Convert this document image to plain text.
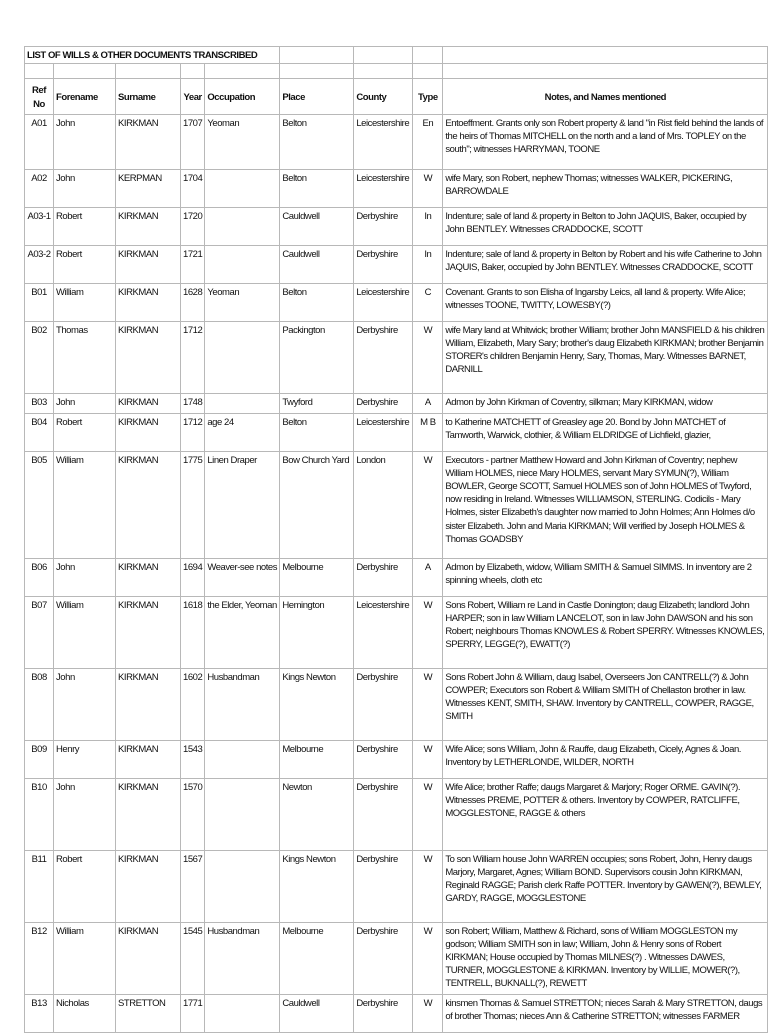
LIST OF WILLS & OTHER DOCUMENTS TRANSCRIBED								

Ref No	Forename	Surname	Year	Occupation	Place	County	Type	Notes, and Names mentioned
A01	John	KIRKMAN	1707	Yeoman	Belton	Leicestershire	En	Entoeffment. Grants only son Robert property & land "in Rist field behind the lands of the heirs of Thomas MITCHELL on the north and a land of Mrs. TOPLEY on the south"; witnesses HARRYMAN, TOONE
A02	John	KERPMAN	1704		Belton	Leicestershire	W	wife Mary, son Robert, nephew Thomas; witnesses WALKER, PICKERING, BARROWDALE
A03-1	Robert	KIRKMAN	1720		Cauldwell	Derbyshire	In	Indenture; sale of land & property in Belton to John JAQUIS, Baker, occupied by John BENTLEY. Witnesses CRADDOCKE, SCOTT
A03-2	Robert	KIRKMAN	1721		Cauldwell	Derbyshire	In	Indenture; sale of land & property in Belton by Robert and his wife Catherine to John JAQUIS, Baker, occupied by John BENTLEY. Witnesses CRADDOCKE, SCOTT
B01	William	KIRKMAN	1628	Yeoman	Belton	Leicestershire	C	Covenant. Grants to son Elisha of Ingarsby Leics, all land & property. Wife Alice; witnesses TOONE, TWITTY, LOWESBY(?)
B02	Thomas	KIRKMAN	1712		Packington	Derbyshire	W	wife Mary land at Whitwick; brother William; brother John MANSFIELD & his children William, Elizabeth, Mary Sary; brother's daug Elizabeth KIRKMAN; brother Benjamin STORER's children Benjamin Henry, Sary, Thomas, Mary. Witnesses BARNET, DARNILL
B03	John	KIRKMAN	1748		Twyford	Derbyshire	A	Admon by John Kirkman of Coventry, silkman; Mary KIRKMAN, widow
B04	Robert	KIRKMAN	1712	age 24	Belton	Leicestershire	M B	to Katherine MATCHETT of Greasley age 20. Bond by John MATCHET of Tamworth, Warwick, clothier, & William ELDRIDGE of Lichfield, glazier,
B05	William	KIRKMAN	1775	Linen Draper	Bow Church Yard	London	W	Executors - partner Matthew Howard and John Kirkman of Coventry; nephew William HOLMES, niece Mary HOLMES, servant Mary SYMUN(?), William BOWLER, George SCOTT, Samuel HOLMES son of John HOLMES of Twyford, now residing in Ireland. Witnesses WILLIAMSON, STERLING. Codicils - Mary Holmes, sister Elizabeth's daughter now married to John Holmes; Ann Holmes d/o sister Elizabeth. John and Maria KIRKMAN; Will verified by Joseph HOLMES & Thomas GOADSBY
B06	John	KIRKMAN	1694	Weaver-see notes	Melbourne	Derbyshire	A	Admon by Elizabeth, widow, William SMITH & Samuel SIMMS. In inventory are 2 spinning wheels, cloth etc
B07	William	KIRKMAN	1618	the Elder, Yeoman	Hemington	Leicestershire	W	Sons Robert, William re Land in Castle Donington; daug Elizabeth; landlord John HARPER; son in law William LANCELOT, son in law John DAWSON and his son Robert; neighbours Thomas KNOWLES & Robert SPERRY. Witnesses KNOWLES, SPERRY, LEGGE(?), EWATT(?)
B08	John	KIRKMAN	1602	Husbandman	Kings Newton	Derbyshire	W	Sons Robert John & William, daug Isabel, Overseers Jon CANTRELL(?) & John COWPER; Executors son Robert & William SMITH of Chellaston brother in law. Witnesses KENT, SMITH, SHAW. Inventory by CANTRELL, COWPER, RAGGE, SMITH
B09	Henry	KIRKMAN	1543		Melbourne	Derbyshire	W	Wife Alice; sons William, John & Rauffe, daug Elizabeth, Cicely, Agnes & Joan. Inventory by LETHERLONDE, WILDER, NORTH
B10	John	KIRKMAN	1570		Newton	Derbyshire	W	Wife Alice; brother Raffe; daugs Margaret & Marjory; Roger ORME. GAVIN(?). Witnesses PREME, POTTER & others. Inventory by COWPER, RATCLIFFE, MOGGLESTONE, RAGGE & others
B11	Robert	KIRKMAN	1567		Kings Newton	Derbyshire	W	To son William house John WARREN occupies; sons Robert, John, Henry daugs Marjory, Margaret, Agnes; William BOND. Supervisors cousin John KIRKMAN, Reginald RAGGE; Parish clerk Raffe POTTER. Inventory by GAWEN(?), BEWLEY, GARDY, RAGGE, MOGGLESTONE
B12	William	KIRKMAN	1545	Husbandman	Melbourne	Derbyshire	W	son Robert; William, Matthew & Richard, sons of William MOGGLESTON my godson; William SMITH son in law; William, John & Henry sons of Robert KIRKMAN; House occupied by Thomas MILNES(?) . Witnesses DAWES, TURNER, MOGGLESTONE & KIRKMAN. Inventory by WILLIE, MOWER(?), TENTRELL, BUKNALL(?), REWETT
B13	Nicholas	STRETTON	1771		Cauldwell	Derbyshire	W	kinsmen Thomas & Samuel STRETTON; nieces Sarah & Mary STRETTON, daugs of brother Thomas; nieces Ann & Catherine STRETTON; witnesses FARMER
